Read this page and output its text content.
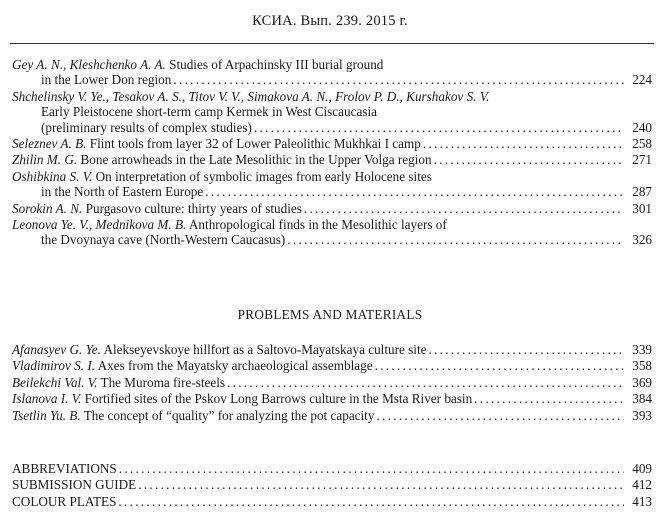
КСИА. Вып. 239. 2015 г.
Gey A. N., Kleshchenko A. A. Studies of Arpachinsky III burial ground
in the Lower Don region .....	224
Shchelinsky V. Ye., Tesakov A. S., Titov V. V., Simakova A. N., Frolov P. D., Kurshakov S. V.
Early Pleistocene short-term camp Kermek in West Ciscaucasia
(preliminary results of complex studies) .....	240
Seleznev A. B. Flint tools from layer 32 of Lower Paleolithic Mukhkai I camp .....	258
Zhilin M. G. Bone arrowheads in the Late Mesolithic in the Upper Volga region .....	271
Oshibkina S. V. On interpretation of symbolic images from early Holocene sites
in the North of Eastern Europe .....	287
Sorokin A. N. Purgasovo culture: thirty years of studies .....	301
Leonova Ye. V., Mednikova M. B. Anthropological finds in the Mesolithic layers of
the Dvoynaya cave (North-Western Caucasus) .....	326
PROBLEMS AND MATERIALS
Afanasyev G. Ye. Alekseyevskoye hillfort as a Saltovo-Mayatskaya culture site .....	339
Vladimirov S. I. Axes from the Mayatsky archaeological assemblage .....	358
Beilekchi Val. V. The Muroma fire-steels .....	369
Islanova I. V. Fortified sites of the Pskov Long Barrows culture in the Msta River basin .....	384
Tsetlin Yu. B. The concept of “quality” for analyzing the pot capacity .....	393
ABBREVIATIONS .....	409
SUBMISSION GUIDE .....	412
COLOUR PLATES .....	413
